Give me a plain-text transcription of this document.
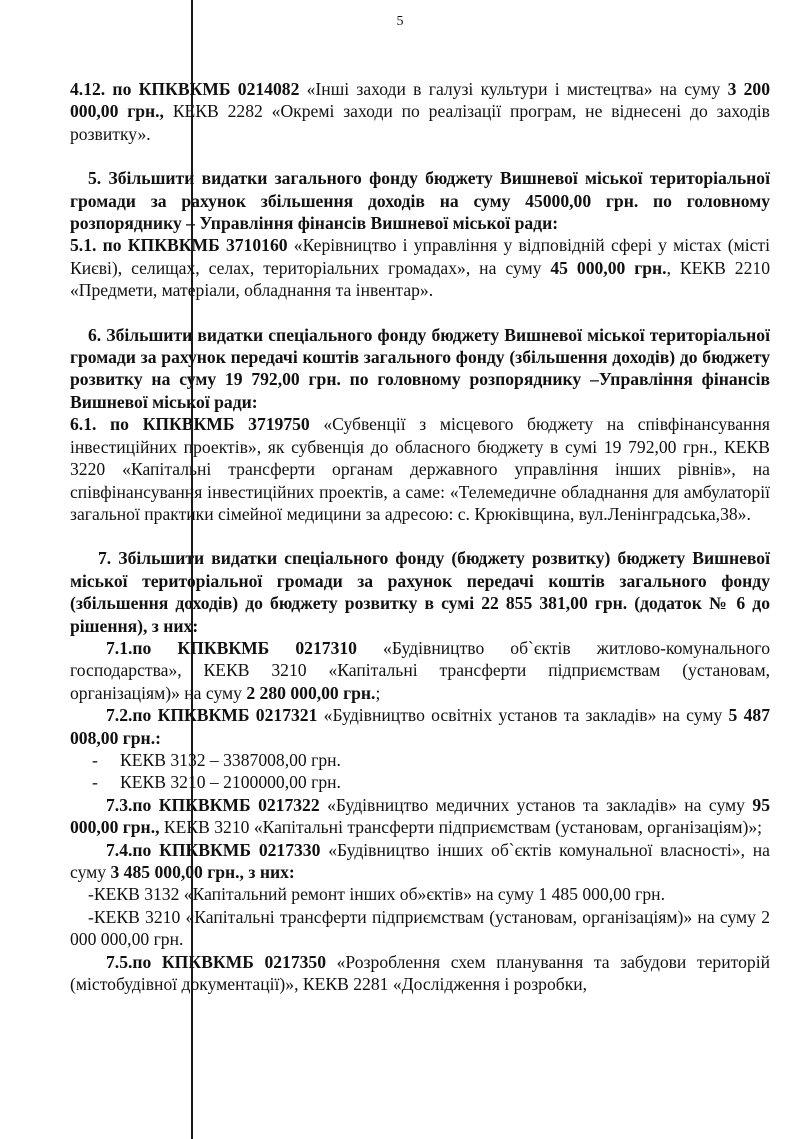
5

4.12. по КПКВКМБ 0214082 «Інші заходи в галузі культури і мистецтва» на суму 3 200 000,00 грн., КЕКВ 2282 «Окремі заходи по реалізації програм, не віднесені до заходів розвитку».

5. Збільшити видатки загального фонду бюджету Вишневої міської територіальної громади за рахунок збільшення доходів на суму 45000,00 грн. по головному розпоряднику – Управління фінансів Вишневої міської ради:

5.1. по КПКВКМБ 3710160 «Керівництво і управління у відповідній сфері у містах (місті Києві), селищах, селах, територіальних громадах», на суму 45 000,00 грн., КЕКВ 2210 «Предмети, матеріали, обладнання та інвентар».

6. Збільшити видатки спеціального фонду бюджету Вишневої міської територіальної громади за рахунок передачі коштів загального фонду (збільшення доходів) до бюджету розвитку на суму 19 792,00 грн. по головному розпоряднику –Управління фінансів Вишневої міської ради:

6.1. по КПКВКМБ 3719750 «Субвенції з місцевого бюджету на співфінансування інвестиційних проектів», як субвенція до обласного бюджету в сумі 19 792,00 грн., КЕКВ 3220 «Капітальні трансферти органам державного управління інших рівнів», на співфінансування інвестиційних проектів, а саме: «Телемедичне обладнання для амбулаторії загальної практики сімейної медицини за адресою: с. Крюківщина, вул.Ленінградська,38».

7. Збільшити видатки спеціального фонду (бюджету розвитку) бюджету Вишневої міської територіальної громади за рахунок передачі коштів загального фонду (збільшення доходів) до бюджету розвитку в сумі 22 855 381,00 грн. (додаток № 6 до рішення), з них:

7.1.по КПКВКМБ 0217310 «Будівництво об`єктів житлово-комунального господарства», КЕКВ 3210 «Капітальні трансферти підприємствам (установам, організаціям)» на суму 2 280 000,00 грн.;

7.2.по КПКВКМБ 0217321 «Будівництво освітніх установ та закладів» на суму 5 487 008,00 грн.:

- КЕКВ 3132 – 3387008,00 грн.

- КЕКВ 3210 – 2100000,00 грн.

7.3.по КПКВКМБ 0217322 «Будівництво медичних установ та закладів» на суму 95 000,00 грн., КЕКВ 3210 «Капітальні трансферти підприємствам (установам, організаціям)»;

7.4.по КПКВКМБ 0217330 «Будівництво інших об`єктів комунальної власності», на суму 3 485 000,00 грн., з них:

-КЕКВ 3132 «Капітальний ремонт інших об»єктів» на суму 1 485 000,00 грн.

-КЕКВ 3210 «Капітальні трансферти підприємствам (установам, організаціям)» на суму 2 000 000,00 грн.

7.5.по КПКВКМБ 0217350 «Розроблення схем планування та забудови територій (містобудівної документації)», КЕКВ 2281 «Дослідження і розробки,
